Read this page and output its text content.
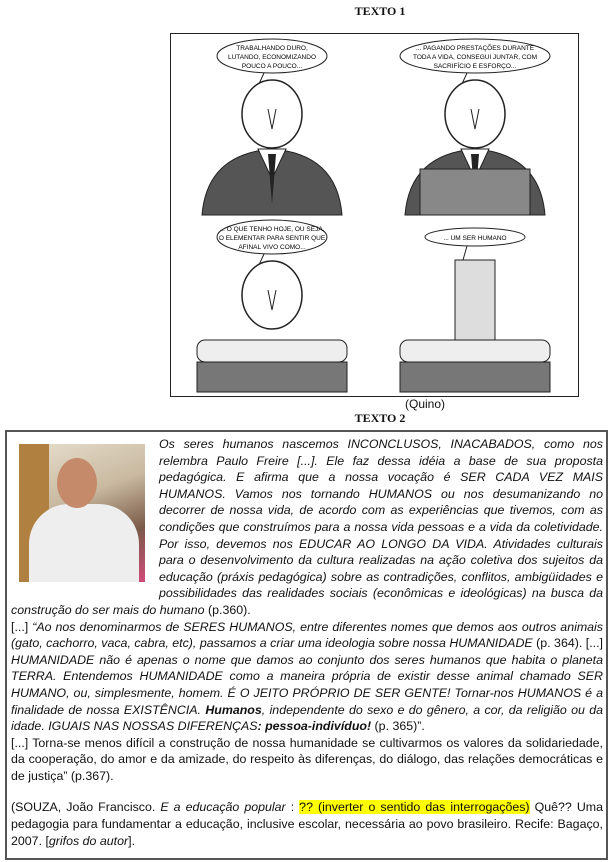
TEXTO 1
TRABALHANDO DURO,
LUTANDO, ECONOMIZANDO
POUCO A POUCO...
... PAGANDO PRESTAÇÕES DURANTE
TODA A VIDA, CONSEGUI JUNTAR, COM
SACRIFÍCIO E ESFORÇO...
... O QUE TENHO HOJE, OU SEJA,
O ELEMENTAR PARA SENTIR QUE
AFINAL VIVO COMO...
... UM SER HUMANO
(Quino)
TEXTO 2

Os seres humanos nascemos INCONCLUSOS, INACABADOS, como nos relembra Paulo Freire [...]. Ele faz dessa idéia a base de sua proposta pedagógica. E afirma que a nossa vocação é SER CADA VEZ MAIS HUMANOS. Vamos nos tornando HUMANOS ou nos desumanizando no decorrer de nossa vida, de acordo com as experiências que tivemos, com as condições que construímos para a nossa vida pessoas e a vida da coletividade. Por isso, devemos nos EDUCAR AO LONGO DA VIDA. Atividades culturais para o desenvolvimento da cultura realizadas na ação coletiva dos sujeitos da educação (práxis pedagógica) sobre as contradições, conflitos, ambigüidades e possibilidades das realidades sociais (econômicas e ideológicas) na busca da construção do ser mais do humano (p.360).

[...] “Ao nos denominarmos de SERES HUMANOS, entre diferentes nomes que demos aos outros animais (gato, cachorro, vaca, cabra, etc), passamos a criar uma ideologia sobre nossa HUMANIDADE (p. 364). [...] HUMANIDADE não é apenas o nome que damos ao conjunto dos seres humanos que habita o planeta TERRA. Entendemos HUMANIDADE como a maneira própria de existir desse animal chamado SER HUMANO, ou, simplesmente, homem. É O JEITO PRÓPRIO DE SER GENTE! Tornar-nos HUMANOS é a finalidade de nossa EXISTÊNCIA. Humanos, independente do sexo e do gênero, a cor, da religião ou da idade. IGUAIS NAS NOSSAS DIFERENÇAS: pessoa-indivíduo! (p. 365)”.

[...] Torna-se menos difícil a construção de nossa humanidade se cultivarmos os valores da solidariedade, da cooperação, do amor e da amizade, do respeito às diferenças, do diálogo, das relações democráticas e de justiça” (p.367).

(SOUZA, João Francisco. E a educação popular : ?? (inverter o sentido das interrogações) Quê?? Uma pedagogia para fundamentar a educação, inclusive escolar, necessária ao povo brasileiro. Recife: Bagaço, 2007. [grifos do autor].
